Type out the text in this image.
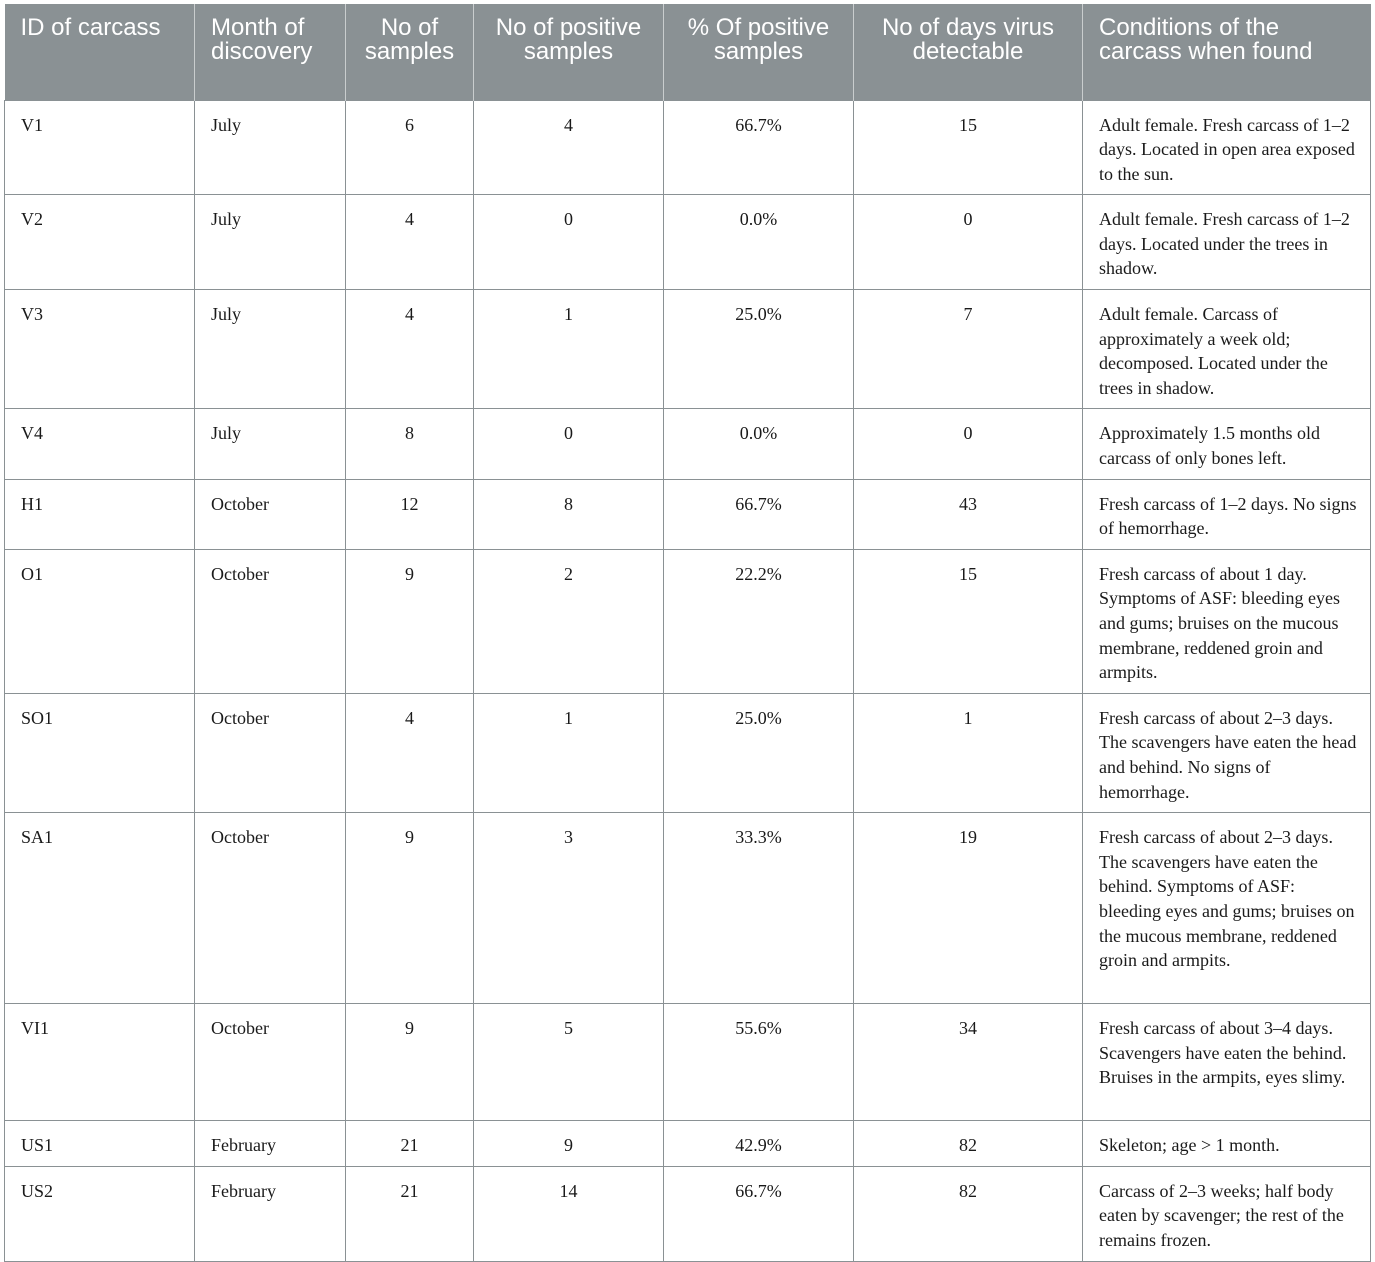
ID of carcass	Month of discovery	No of samples	No of positive samples	% Of positive samples	No of days virus detectable	Conditions of the carcass when found
V1	July	6	4	66.7%	15	Adult female. Fresh carcass of 1–2 days. Located in open area exposed to the sun.
V2	July	4	0	0.0%	0	Adult female. Fresh carcass of 1–2 days. Located under the trees in shadow.
V3	July	4	1	25.0%	7	Adult female. Carcass of approximately a week old; decomposed. Located under the trees in shadow.
V4	July	8	0	0.0%	0	Approximately 1.5 months old carcass of only bones left.
H1	October	12	8	66.7%	43	Fresh carcass of 1–2 days. No signs of hemorrhage.
O1	October	9	2	22.2%	15	Fresh carcass of about 1 day. Symptoms of ASF: bleeding eyes and gums; bruises on the mucous membrane, reddened groin and armpits.
SO1	October	4	1	25.0%	1	Fresh carcass of about 2–3 days. The scavengers have eaten the head and behind. No signs of hemorrhage.
SA1	October	9	3	33.3%	19	Fresh carcass of about 2–3 days. The scavengers have eaten the behind. Symptoms of ASF: bleeding eyes and gums; bruises on the mucous membrane, reddened groin and armpits.
VI1	October	9	5	55.6%	34	Fresh carcass of about 3–4 days. Scavengers have eaten the behind. Bruises in the armpits, eyes slimy.
US1	February	21	9	42.9%	82	Skeleton; age > 1 month.
US2	February	21	14	66.7%	82	Carcass of 2–3 weeks; half body eaten by scavenger; the rest of the remains frozen.
